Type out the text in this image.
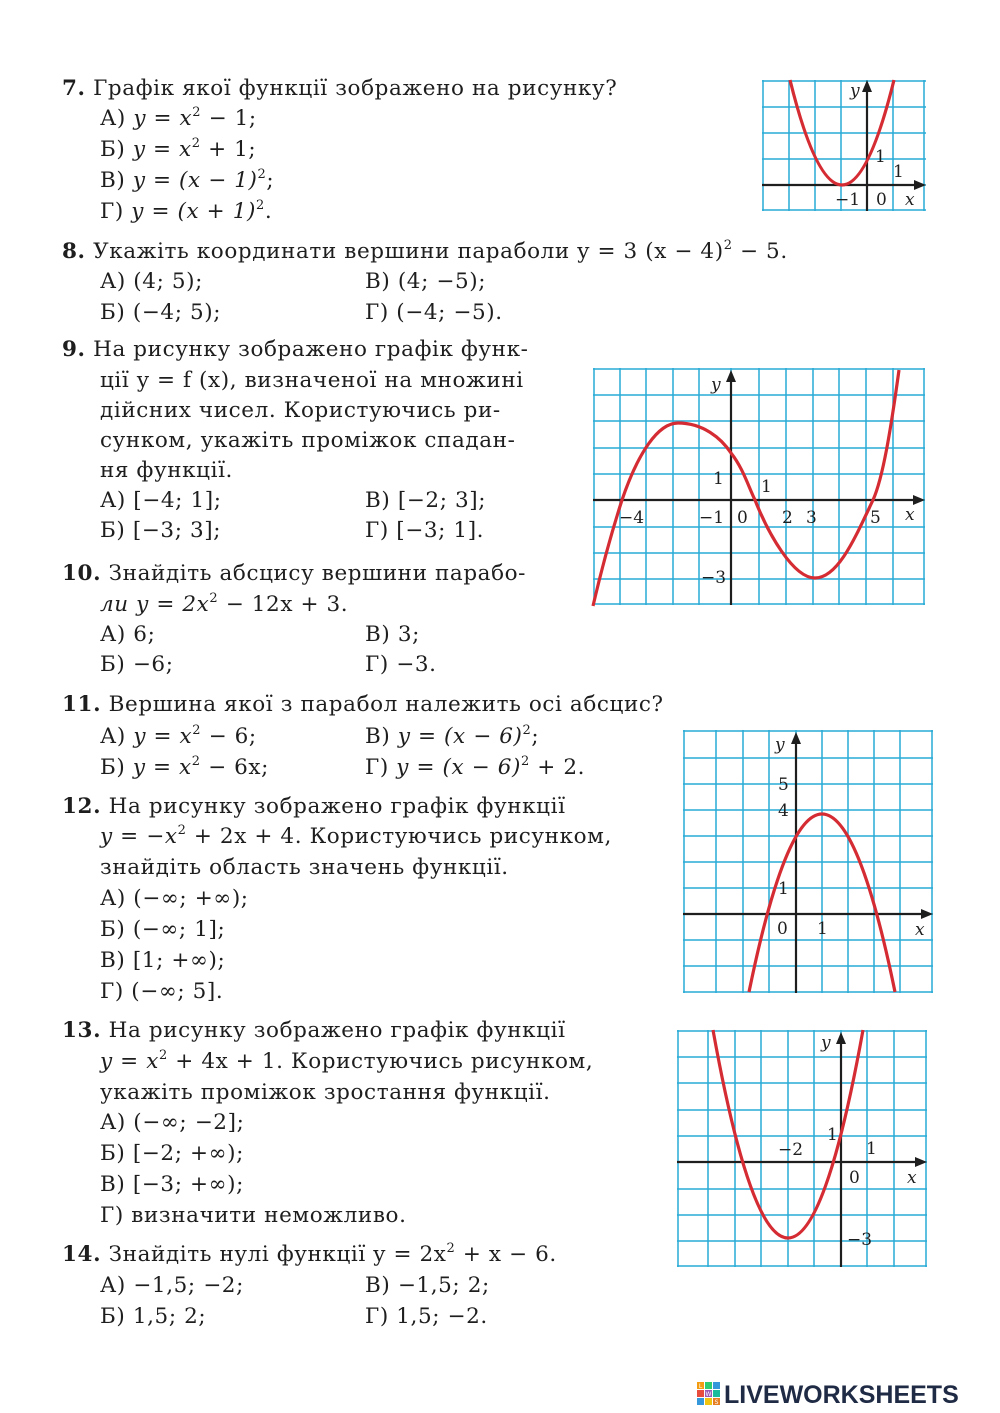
7. Графік якої функції зображено на рисунку?
А) $y = x^2 - 1$;
Б) $y = x^2 + 1$;
В) $y = (x - 1)^2$;
Г) $y = (x + 1)^2$.
y
x
1
1
−1 0
8. Укажіть координати вершини параболи y = 3 $(x - 4)^2 - 5$.
А) (4; 5);	В) (4; −5);
Б) (−4; 5);	Г) (−4; −5).
9. На рисунку зображено графік функ-
ції y = f (x), визначеної на множині
дійсних чисел. Користуючись ри-
сунком, укажіть проміжок спадан-
ня функції.
А) [−4; 1];	В) [−2; 3];
Б) [−3; 3];	Г) [−3; 1].
y
x
1 1
−4	−1 0 2 3	5
−3
10. Знайдіть абсцису вершини парабо-
ли $y = 2x^2 - 12x + 3$.
А) 6;	В) 3;
Б) −6;	Г) −3.
11. Вершина якої з парабол належить осі абсцис?
А) $y = x^2 - 6$;	В) $y = (x - 6)^2$;
Б) $y = x^2 - 6x$;	Г) $y = (x - 6)^2 + 2$.
12. На рисунку зображено графік функції
$y = -x^2 + 2x + 4$. Користуючись рисунком,
знайдіть область значень функції.
А) (−∞; +∞);
Б) (−∞; 1];
В) [1; +∞);
Г) (−∞; 5].
y
x
5
4
1
0 1
13. На рисунку зображено графік функції
$y = x^2 + 4x + 1$. Користуючись рисунком,
укажіть проміжок зростання функції.
А) (−∞; −2];
Б) [−2; +∞);
В) [−3; +∞);
Г) визначити неможливо.
y
x
1
1
−2
0
−3
14. Знайдіть нулі функції $y = 2x^2 + x - 6$.
А) −1,5; −2;	В) −1,5; 2;
Б) 1,5; 2;	Г) 1,5; −2.
L
W
S LIVEWORKSHEETS
